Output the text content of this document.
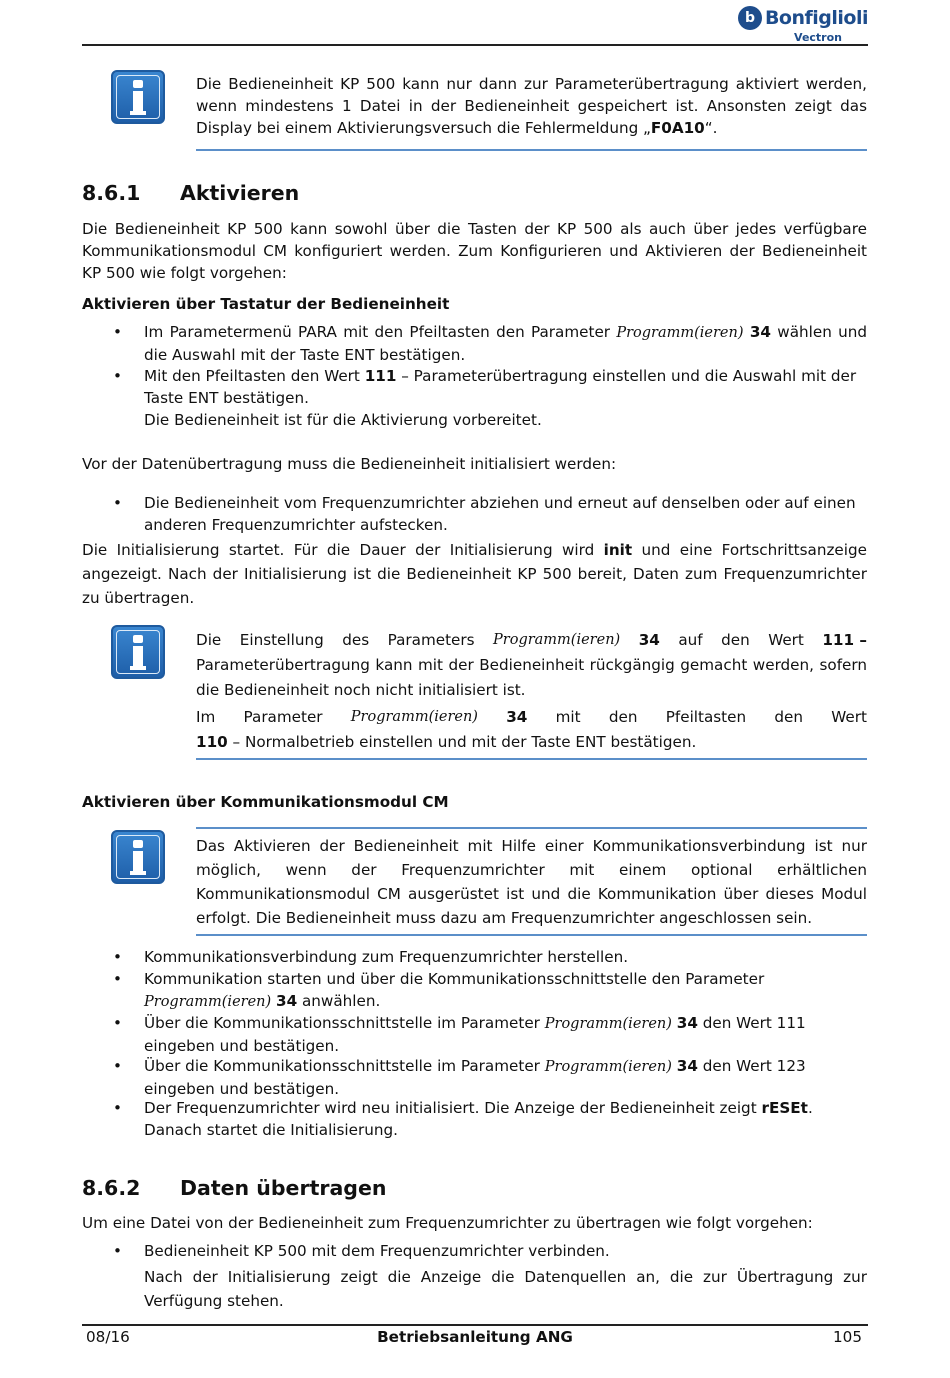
b Bonfiglioli
Vectron
Die Bedieneinheit KP 500 kann nur dann zur Parameterübertragung aktiviert werden, wenn mindestens 1 Datei in der Bedieneinheit gespeichert ist. Ansonsten zeigt das Display bei einem Aktivierungsversuch die Fehlermeldung „F0A10“.
8.6.1 Aktivieren
Die Bedieneinheit KP 500 kann sowohl über die Tasten der KP 500 als auch über jedes verfügbare Kommunikationsmodul CM konfiguriert werden. Zum Konfigurieren und Aktivieren der Bedieneinheit KP 500 wie folgt vorgehen:
Aktivieren über Tastatur der Bedieneinheit
• Im Parametermenü PARA mit den Pfeiltasten den Parameter Programm(ieren) 34 wählen und die Auswahl mit der Taste ENT bestätigen.
• Mit den Pfeiltasten den Wert 111 – Parameterübertragung einstellen und die Auswahl mit der Taste ENT bestätigen.
Die Bedieneinheit ist für die Aktivierung vorbereitet.
Vor der Datenübertragung muss die Bedieneinheit initialisiert werden:
• Die Bedieneinheit vom Frequenzumrichter abziehen und erneut auf denselben oder auf einen anderen Frequenzumrichter aufstecken.
Die Initialisierung startet. Für die Dauer der Initialisierung wird init und eine Fortschrittsanzeige angezeigt. Nach der Initialisierung ist die Bedieneinheit KP 500 bereit, Daten zum Frequenzumrichter zu übertragen.
Die Einstellung des Parameters Programm(ieren) 34 auf den Wert 111 –
Parameterübertragung kann mit der Bedieneinheit rückgängig gemacht werden, sofern die Bedieneinheit noch nicht initialisiert ist.
Im Parameter Programm(ieren) 34 mit den Pfeiltasten den Wert
110 – Normalbetrieb einstellen und mit der Taste ENT bestätigen.
Aktivieren über Kommunikationsmodul CM
Das Aktivieren der Bedieneinheit mit Hilfe einer Kommunikationsverbindung ist nur möglich, wenn der Frequenzumrichter mit einem optional erhältlichen Kommunikationsmodul CM ausgerüstet ist und die Kommunikation über dieses Modul erfolgt. Die Bedieneinheit muss dazu am Frequenzumrichter angeschlossen sein.
• Kommunikationsverbindung zum Frequenzumrichter herstellen.
• Kommunikation starten und über die Kommunikationsschnittstelle den Parameter Programm(ieren) 34 anwählen.
• Über die Kommunikationsschnittstelle im Parameter Programm(ieren) 34 den Wert 111 eingeben und bestätigen.
• Über die Kommunikationsschnittstelle im Parameter Programm(ieren) 34 den Wert 123 eingeben und bestätigen.
• Der Frequenzumrichter wird neu initialisiert. Die Anzeige der Bedieneinheit zeigt rESEt. Danach startet die Initialisierung.
8.6.2 Daten übertragen
Um eine Datei von der Bedieneinheit zum Frequenzumrichter zu übertragen wie folgt vorgehen:
• Bedieneinheit KP 500 mit dem Frequenzumrichter verbinden.
Nach der Initialisierung zeigt die Anzeige die Datenquellen an, die zur Übertragung zur Verfügung stehen.
08/16	Betriebsanleitung ANG	105
